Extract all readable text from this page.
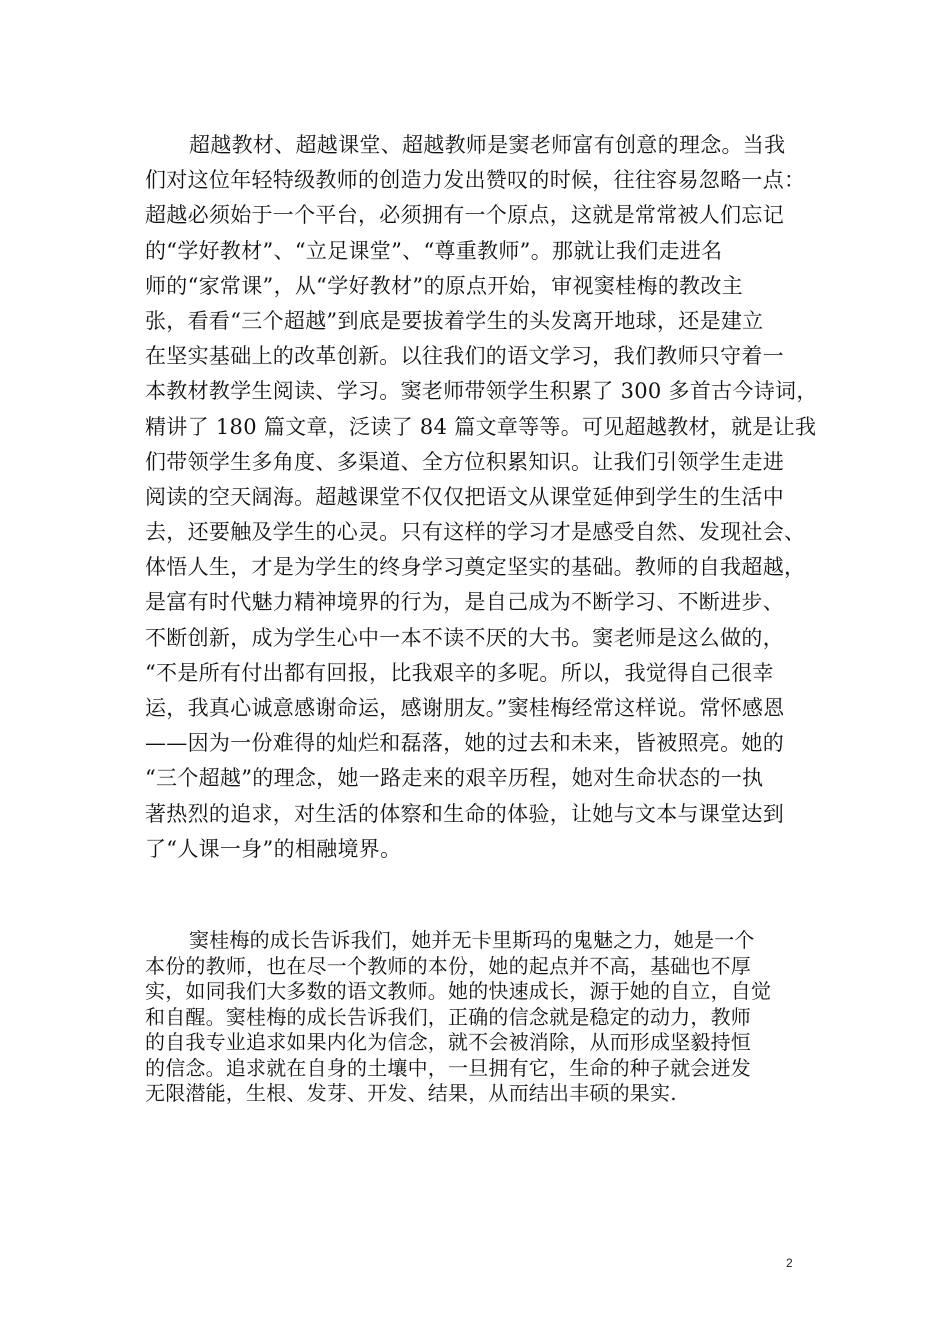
超越教材、超越课堂、超越教师是窦老师富有创意的理念。当我
们对这位年轻特级教师的创造力发出赞叹的时候，往往容易忽略一点：
超越必须始于一个平台，必须拥有一个原点，这就是常常被人们忘记
的“学好教材”、“立足课堂”、“尊重教师”。那就让我们走进名
师的“家常课”，从“学好教材”的原点开始，审视窦桂梅的教改主
张，看看“三个超越”到底是要拔着学生的头发离开地球，还是建立
在坚实基础上的改革创新。以往我们的语文学习，我们教师只守着一
本教材教学生阅读、学习。窦老师带领学生积累了 300 多首古今诗词，
精讲了 180 篇文章，泛读了 84 篇文章等等。可见超越教材，就是让我
们带领学生多角度、多渠道、全方位积累知识。让我们引领学生走进
阅读的空天阔海。超越课堂不仅仅把语文从课堂延伸到学生的生活中
去，还要触及学生的心灵。只有这样的学习才是感受自然、发现社会、
体悟人生，才是为学生的终身学习奠定坚实的基础。教师的自我超越，
是富有时代魅力精神境界的行为，是自己成为不断学习、不断进步、
不断创新，成为学生心中一本不读不厌的大书。窦老师是这么做的，
“不是所有付出都有回报，比我艰辛的多呢。所以，我觉得自己很幸
运，我真心诚意感谢命运，感谢朋友。”窦桂梅经常这样说。常怀感恩
——因为一份难得的灿烂和磊落，她的过去和未来，皆被照亮。她的
“三个超越”的理念，她一路走来的艰辛历程，她对生命状态的一执
著热烈的追求，对生活的体察和生命的体验，让她与文本与课堂达到
了“人课一身”的相融境界。
窦桂梅的成长告诉我们，她并无卡里斯玛的鬼魅之力，她是一个
本份的教师，也在尽一个教师的本份，她的起点并不高，基础也不厚
实，如同我们大多数的语文教师。她的快速成长，源于她的自立，自觉
和自醒。窦桂梅的成长告诉我们，正确的信念就是稳定的动力，教师
的自我专业追求如果内化为信念，就不会被消除，从而形成坚毅持恒
的信念。追求就在自身的土壤中，一旦拥有它，生命的种子就会迸发
无限潜能，生根、发芽、开发、结果，从而结出丰硕的果实.
2
